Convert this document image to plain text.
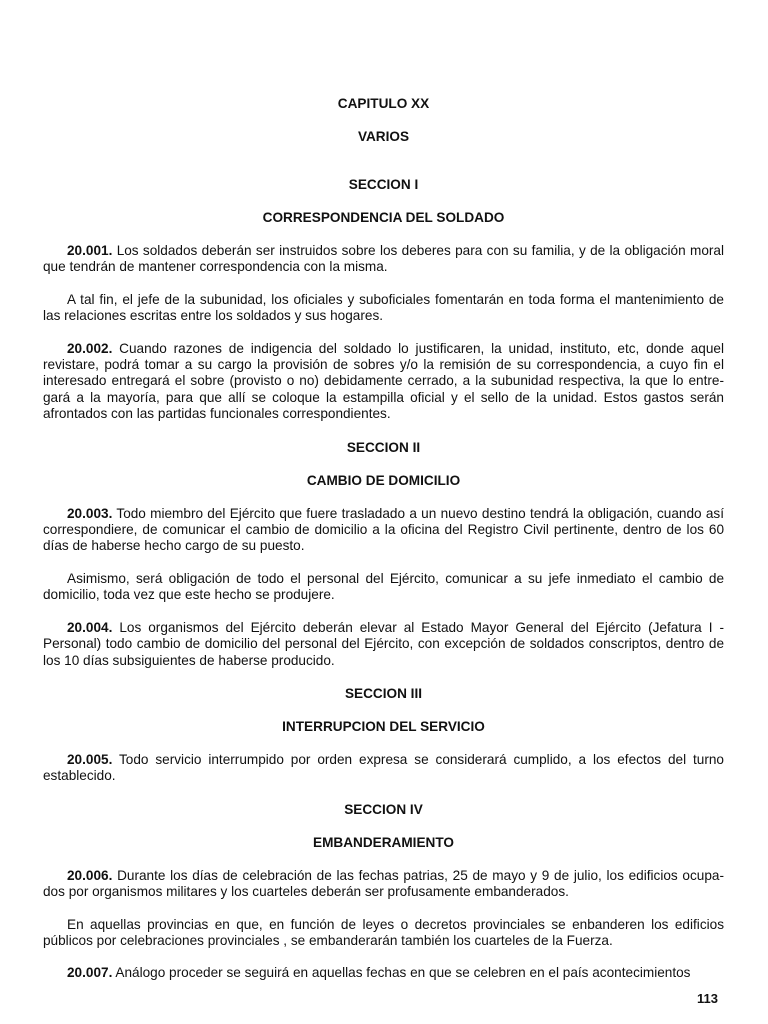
CAPITULO XX
VARIOS
SECCION I
CORRESPONDENCIA DEL SOLDADO

20.001. Los soldados deberán ser instruidos sobre los deberes para con su familia, y de la obligación moral que tendrán de mantener correspondencia con la misma.

A tal fin, el jefe de la subunidad, los oficiales y suboficiales fomentarán en toda forma el mantenimiento de las relaciones escritas entre los soldados y sus hogares.

20.002. Cuando razones de indigencia del soldado lo justificaren, la unidad, instituto, etc, donde aquel revistare, podrá tomar a su cargo la provisión de sobres y/o la remisión de su correspondencia, a cuyo fin el interesado entregará el sobre (provisto o no) debidamente cerrado, a la subunidad respectiva, la que lo entre-gará a la mayoría, para que allí se coloque la estampilla oficial y el sello de la unidad. Estos gastos serán afrontados con las partidas funcionales correspondientes.

SECCION II
CAMBIO DE DOMICILIO

20.003. Todo miembro del Ejército que fuere trasladado a un nuevo destino tendrá la obligación, cuando así correspondiere, de comunicar el cambio de domicilio a la oficina del Registro Civil pertinente, dentro de los 60 días de haberse hecho cargo de su puesto.

Asimismo, será obligación de todo el personal del Ejército, comunicar a su jefe inmediato el cambio de domicilio, toda vez que este hecho se produjere.

20.004. Los organismos del Ejército deberán elevar al Estado Mayor General del Ejército (Jefatura I - Personal) todo cambio de domicilio del personal del Ejército, con excepción de soldados conscriptos, dentro de los 10 días subsiguientes de haberse producido.

SECCION III
INTERRUPCION DEL SERVICIO

20.005. Todo servicio interrumpido por orden expresa se considerará cumplido, a los efectos del turno establecido.

SECCION IV
EMBANDERAMIENTO

20.006. Durante los días de celebración de las fechas patrias, 25 de mayo y 9 de julio, los edificios ocupa-dos por organismos militares y los cuarteles deberán ser profusamente embanderados.

En aquellas provincias en que, en función de leyes o decretos provinciales se enbanderen los edificios públicos por celebraciones provinciales , se embanderarán también los cuarteles de la Fuerza.

20.007. Análogo proceder se seguirá en aquellas fechas en que se celebren en el país acontecimientos

113
